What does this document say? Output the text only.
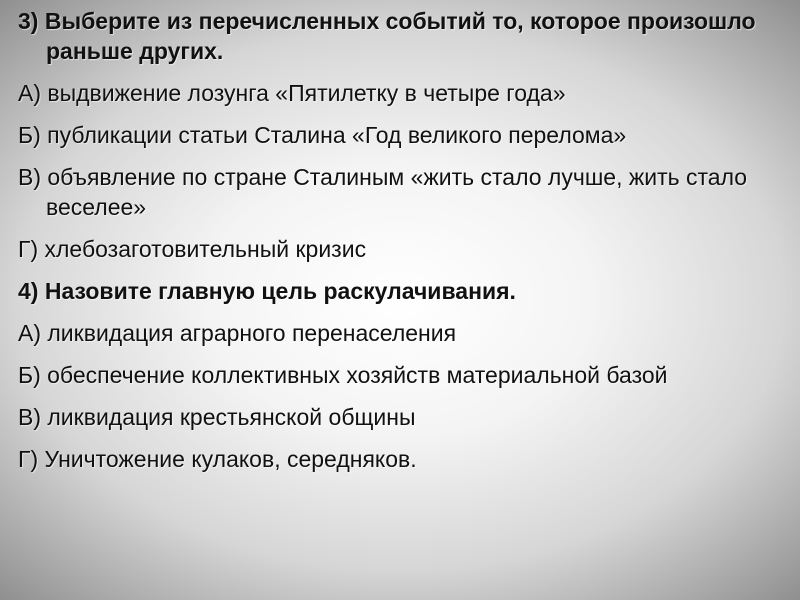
3) Выберите из перечисленных событий то, которое произошло раньше других.
А) выдвижение лозунга «Пятилетку в четыре года»
Б) публикации статьи Сталина «Год великого перелома»
В) объявление по стране Сталиным «жить стало лучше, жить стало веселее»
Г) хлебозаготовительный кризис
4) Назовите главную цель раскулачивания.
А) ликвидация аграрного перенаселения
Б) обеспечение коллективных хозяйств материальной базой
В) ликвидация крестьянской общины
Г) Уничтожение кулаков, середняков.
